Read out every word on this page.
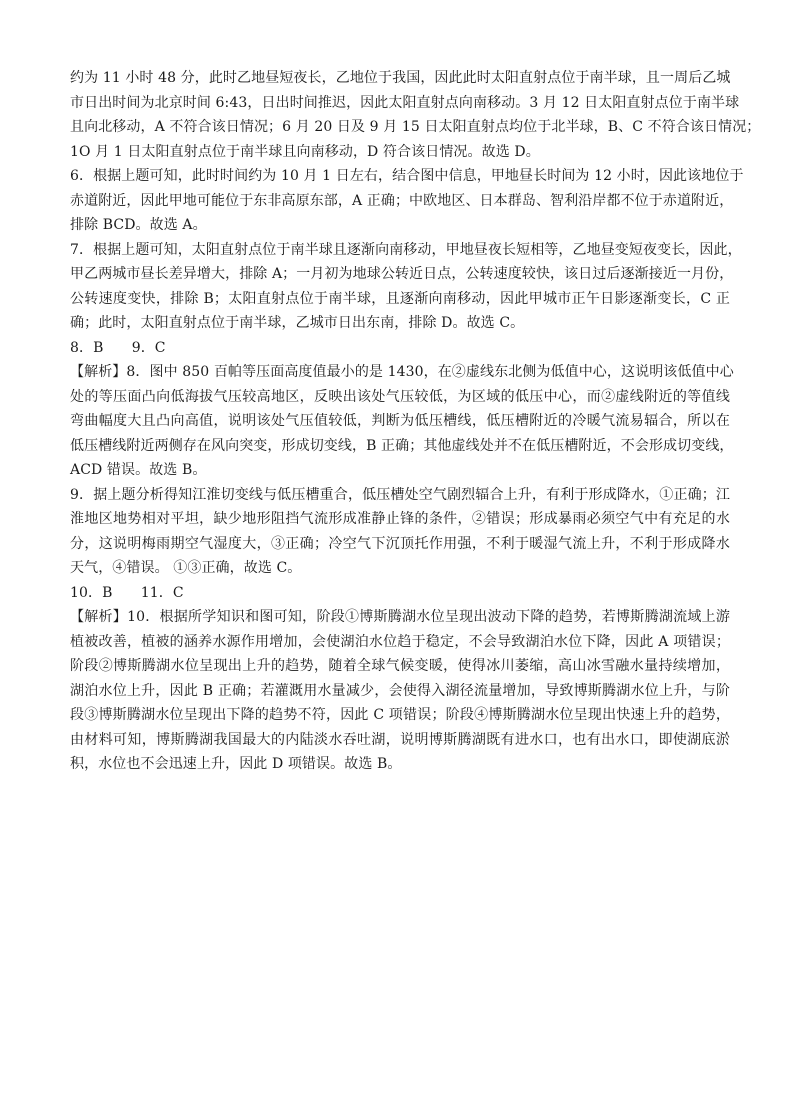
约为 11 小时 48 分，此时乙地昼短夜长，乙地位于我国，因此此时太阳直射点位于南半球，且一周后乙城
市日出时间为北京时间 6:43，日出时间推迟，因此太阳直射点向南移动。3 月 12 日太阳直射点位于南半球
且向北移动，A 不符合该日情况；6 月 20 日及 9 月 15 日太阳直射点均位于北半球，B、C 不符合该日情况；
1O 月 1 日太阳直射点位于南半球且向南移动，D 符合该日情况。故选 D。
6．根据上题可知，此时时间约为 10 月 1 日左右，结合图中信息，甲地昼长时间为 12 小时，因此该地位于
赤道附近，因此甲地可能位于东非高原东部，A 正确；中欧地区、日本群岛、智利沿岸都不位于赤道附近，
排除 BCD。故选 A。
7．根据上题可知，太阳直射点位于南半球且逐渐向南移动，甲地昼夜长短相等，乙地昼变短夜变长，因此，
甲乙两城市昼长差异增大，排除 A；一月初为地球公转近日点，公转速度较快，该日过后逐渐接近一月份，
公转速度变快，排除 B；太阳直射点位于南半球，且逐渐向南移动，因此甲城市正午日影逐渐变长，C 正
确；此时，太阳直射点位于南半球，乙城市日出东南，排除 D。故选 C。
8．B　　9．C
【解析】8．图中 850 百帕等压面高度值最小的是 1430，在②虚线东北侧为低值中心，这说明该低值中心
处的等压面凸向低海拔气压较高地区，反映出该处气压较低，为区域的低压中心，而②虚线附近的等值线
弯曲幅度大且凸向高值，说明该处气压值较低，判断为低压槽线，低压槽附近的冷暖气流易辐合，所以在
低压槽线附近两侧存在风向突变，形成切变线，B 正确；其他虚线处并不在低压槽附近，不会形成切变线，
ACD 错误。故选 B。
9．据上题分析得知江淮切变线与低压槽重合，低压槽处空气剧烈辐合上升，有利于形成降水，①正确；江
淮地区地势相对平坦，缺少地形阻挡气流形成准静止锋的条件，②错误；形成暴雨必须空气中有充足的水
分，这说明梅雨期空气湿度大，③正确；冷空气下沉顶托作用强，不利于暖湿气流上升，不利于形成降水
天气，④错误。 ①③正确，故选 C。
10．B　　11．C
【解析】10．根据所学知识和图可知，阶段①博斯腾湖水位呈现出波动下降的趋势，若博斯腾湖流域上游
植被改善，植被的涵养水源作用增加，会使湖泊水位趋于稳定，不会导致湖泊水位下降，因此 A 项错误；
阶段②博斯腾湖水位呈现出上升的趋势，随着全球气候变暖，使得冰川萎缩，高山冰雪融水量持续增加，
湖泊水位上升，因此 B 正确；若灌溉用水量减少，会使得入湖径流量增加，导致博斯腾湖水位上升，与阶
段③博斯腾湖水位呈现出下降的趋势不符，因此 C 项错误；阶段④博斯腾湖水位呈现出快速上升的趋势，
由材料可知，博斯腾湖我国最大的内陆淡水吞吐湖，说明博斯腾湖既有进水口，也有出水口，即使湖底淤
积，水位也不会迅速上升，因此 D 项错误。故选 B。
